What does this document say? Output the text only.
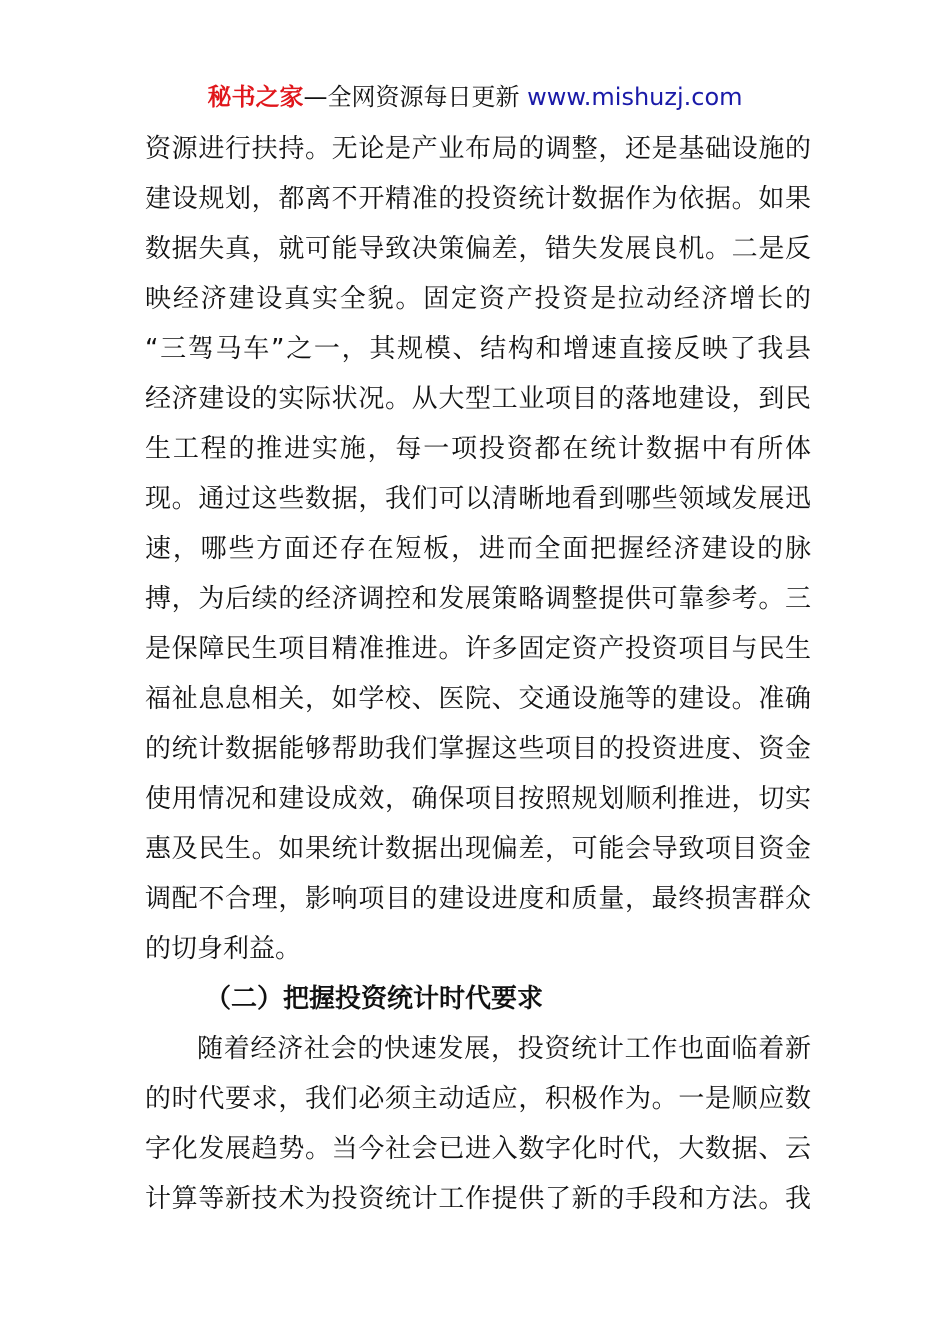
秘书之家—全网资源每日更新 www.mishuzj.com
资源进行扶持。无论是产业布局的调整，还是基础设施的
建设规划，都离不开精准的投资统计数据作为依据。如果
数据失真，就可能导致决策偏差，错失发展良机。二是反
映经济建设真实全貌。固定资产投资是拉动经济增长的
“三驾马车”之一，其规模、结构和增速直接反映了我县
经济建设的实际状况。从大型工业项目的落地建设，到民
生工程的推进实施，每一项投资都在统计数据中有所体
现。通过这些数据，我们可以清晰地看到哪些领域发展迅
速，哪些方面还存在短板，进而全面把握经济建设的脉
搏，为后续的经济调控和发展策略调整提供可靠参考。三
是保障民生项目精准推进。许多固定资产投资项目与民生
福祉息息相关，如学校、医院、交通设施等的建设。准确
的统计数据能够帮助我们掌握这些项目的投资进度、资金
使用情况和建设成效，确保项目按照规划顺利推进，切实
惠及民生。如果统计数据出现偏差，可能会导致项目资金
调配不合理，影响项目的建设进度和质量，最终损害群众
的切身利益。
（二）把握投资统计时代要求
随着经济社会的快速发展，投资统计工作也面临着新
的时代要求，我们必须主动适应，积极作为。一是顺应数
字化发展趋势。当今社会已进入数字化时代，大数据、云
计算等新技术为投资统计工作提供了新的手段和方法。我
